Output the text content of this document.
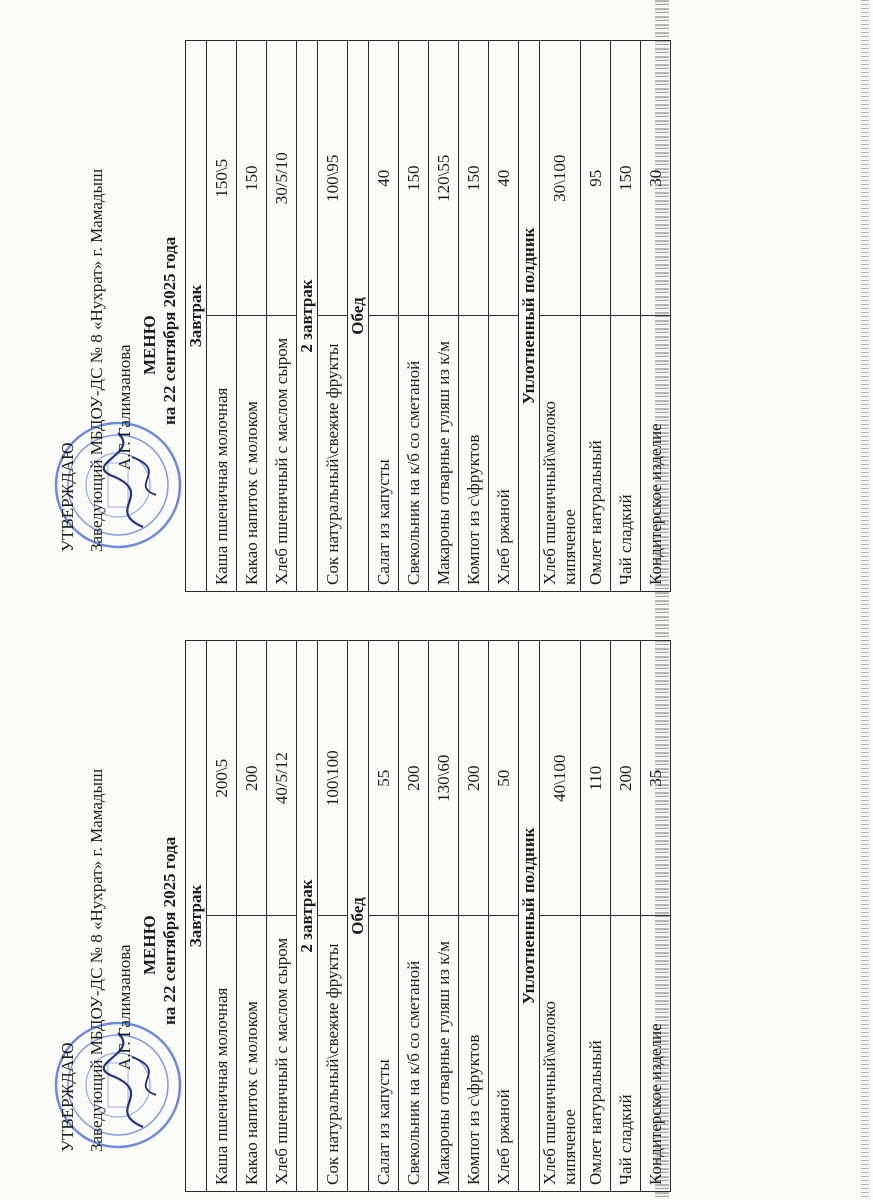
УТВЕРЖДАЮ Заведующий МБДОУ-ДС № 8 «Нухрат» г. Мамадыш А.Г. Галимзанова МЕНЮ на 22 сентября 2025 года Завтрак	
Каша пшеничная молочная	200\5
Какао напиток с молоком	200
Хлеб пшеничный с маслом сыром	40/5/12
2 завтрак	
Сок натуральный\свежие фрукты	100\100
Обед	
Салат из капусты	55
Свекольник на к/б со сметаной	200
Макароны отварные гуляш из к/м	130\60
Компот из с\фруктов	200
Хлеб ржаной	50
Уплотненный полдник	
Хлеб пшеничный\молоко кипяченое	40\100
Омлет натуральный	110
Чай сладкий	200
Кондитерское изделие	35
УТВЕРЖДАЮ Заведующий МБДОУ-ДС № 8 «Нухрат» г. Мамадыш А.Г. Галимзанова МЕНЮ на 22 сентября 2025 года Завтрак	
Каша пшеничная молочная	150\5
Какао напиток с молоком	150
Хлеб пшеничный с маслом сыром	30/5/10
2 завтрак	
Сок натуральный\свежие фрукты	100\95
Обед	
Салат из капусты	40
Свекольник на к/б со сметаной	150
Макароны отварные гуляш из к/м	120\55
Компот из с\фруктов	150
Хлеб ржаной	40
Уплотненный полдник	
Хлеб пшеничный\молоко кипяченое	30\100
Омлет натуральный	95
Чай сладкий	150
Кондитерское изделие	30
